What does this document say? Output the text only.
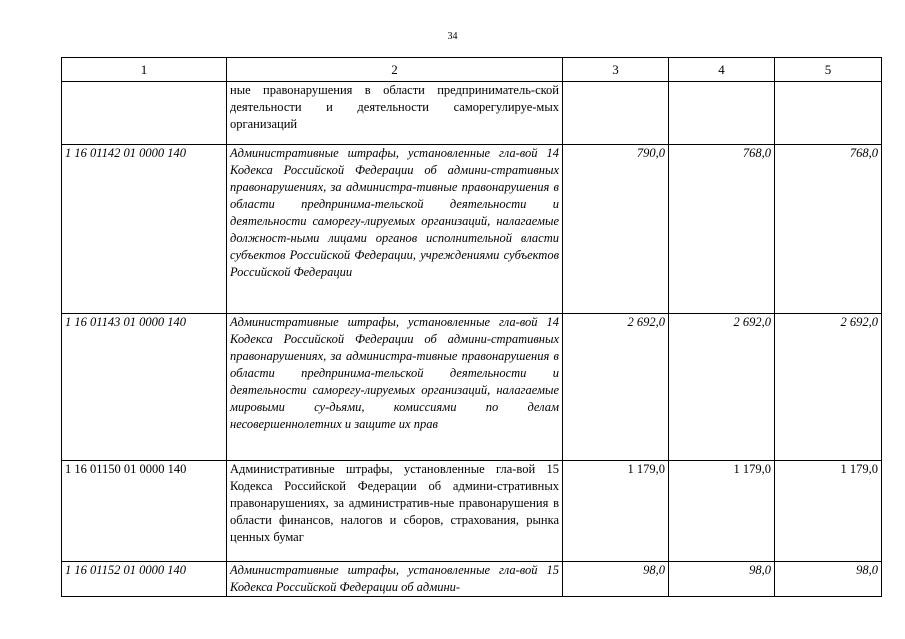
34
1	2	3	4	5
	ные правонарушения в области предприниматель-ской деятельности и деятельности саморегулируе-мых организаций			
1 16 01142 01 0000 140	Административные штрафы, установленные гла-вой 14 Кодекса Российской Федерации об админи-стративных правонарушениях, за администра-тивные правонарушения в области предпринима-тельской деятельности и деятельности саморегу-лируемых организаций, налагаемые должност-ными лицами органов исполнительной власти субъектов Российской Федерации, учреждениями субъектов Российской Федерации	790,0	768,0	768,0
1 16 01143 01 0000 140	Административные штрафы, установленные гла-вой 14 Кодекса Российской Федерации об админи-стративных правонарушениях, за администра-тивные правонарушения в области предпринима-тельской деятельности и деятельности саморегу-лируемых организаций, налагаемые мировыми су-дьями, комиссиями по делам несовершеннолетних и защите их прав	2 692,0	2 692,0	2 692,0
1 16 01150 01 0000 140	Административные штрафы, установленные гла-вой 15 Кодекса Российской Федерации об админи-стративных правонарушениях, за административ-ные правонарушения в области финансов, налогов и сборов, страхования, рынка ценных бумаг	1 179,0	1 179,0	1 179,0
1 16 01152 01 0000 140	Административные штрафы, установленные гла-вой 15 Кодекса Российской Федерации об админи-	98,0	98,0	98,0
